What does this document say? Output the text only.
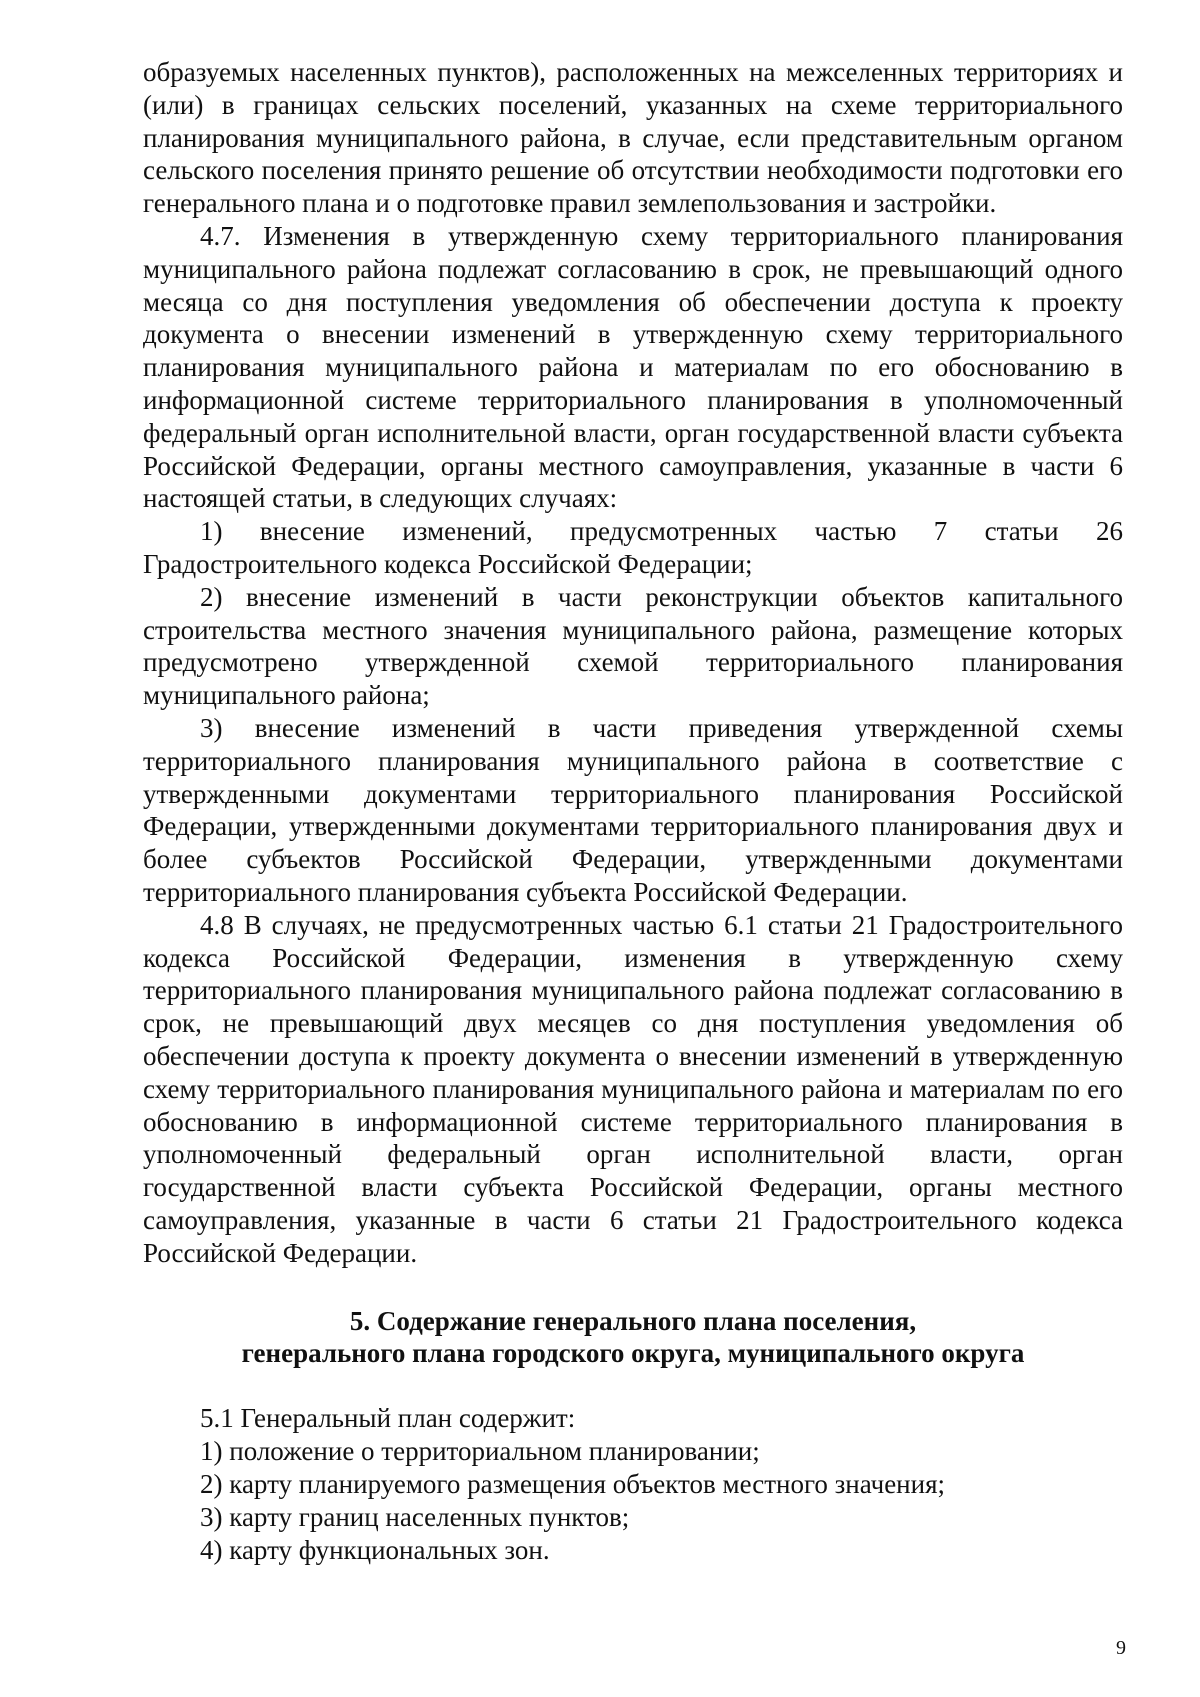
образуемых населенных пунктов), расположенных на межселенных территориях и (или) в границах сельских поселений, указанных на схеме территориального планирования муниципального района, в случае, если представительным органом сельского поселения принято решение об отсутствии необходимости подготовки его генерального плана и о подготовке правил землепользования и застройки.

4.7. Изменения в утвержденную схему территориального планирования муниципального района подлежат согласованию в срок, не превышающий одного месяца со дня поступления уведомления об обеспечении доступа к проекту документа о внесении изменений в утвержденную схему территориального планирования муниципального района и материалам по его обоснованию в информационной системе территориального планирования в уполномоченный федеральный орган исполнительной власти, орган государственной власти субъекта Российской Федерации, органы местного самоуправления, указанные в части 6 настоящей статьи, в следующих случаях:

1) внесение изменений, предусмотренных частью 7 статьи 26 Градостроительного кодекса Российской Федерации;

2) внесение изменений в части реконструкции объектов капитального строительства местного значения муниципального района, размещение которых предусмотрено утвержденной схемой территориального планирования муниципального района;

3) внесение изменений в части приведения утвержденной схемы территориального планирования муниципального района в соответствие с утвержденными документами территориального планирования Российской Федерации, утвержденными документами территориального планирования двух и более субъектов Российской Федерации, утвержденными документами территориального планирования субъекта Российской Федерации.

4.8 В случаях, не предусмотренных частью 6.1 статьи 21 Градостроительного кодекса Российской Федерации, изменения в утвержденную схему территориального планирования муниципального района подлежат согласованию в срок, не превышающий двух месяцев со дня поступления уведомления об обеспечении доступа к проекту документа о внесении изменений в утвержденную схему территориального планирования муниципального района и материалам по его обоснованию в информационной системе территориального планирования в уполномоченный федеральный орган исполнительной власти, орган государственной власти субъекта Российской Федерации, органы местного самоуправления, указанные в части 6 статьи 21 Градостроительного кодекса Российской Федерации.

5. Содержание генерального плана поселения,
генерального плана городского округа, муниципального округа

5.1 Генеральный план содержит:

1) положение о территориальном планировании;

2) карту планируемого размещения объектов местного значения;

3) карту границ населенных пунктов;

4) карту функциональных зон.

9
